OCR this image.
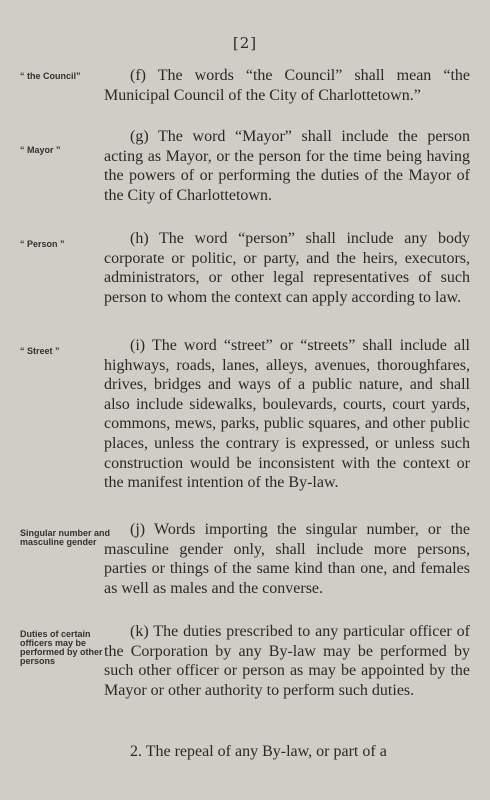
[2]
“ the Council”	(f) The words “the Council” shall mean “the Municipal Council of the City of Charlottetown.”
“ Mayor ”
(g) The word “Mayor” shall include the person acting as Mayor, or the person for the time being having the powers of or performing the duties of the Mayor of the City of Charlottetown.
“ Person ”	(h) The word “person” shall include any body corporate or politic, or party, and the heirs, executors, administrators, or other legal representatives of such person to whom the context can apply according to law.
“ Street ”	(i) The word “street” or “streets” shall include all highways, roads, lanes, alleys, avenues, thoroughfares, drives, bridges and ways of a public nature, and shall also include sidewalks, boulevards, courts, court yards, commons, mews, parks, public squares, and other public places, unless the contrary is expressed, or unless such construction would be inconsistent with the context or the manifest intention of the By-law.
Singular number and masculine gender
(j) Words importing the singular number, or the masculine gender only, shall include more persons, parties or things of the same kind than one, and females as well as males and the converse.
Duties of certain officers may be performed by other persons
(k) The duties prescribed to any particular officer of the Corporation by any By-law may be performed by such other officer or person as may be appointed by the Mayor or other authority to perform such duties.
2. The repeal of any By-law, or part of a
